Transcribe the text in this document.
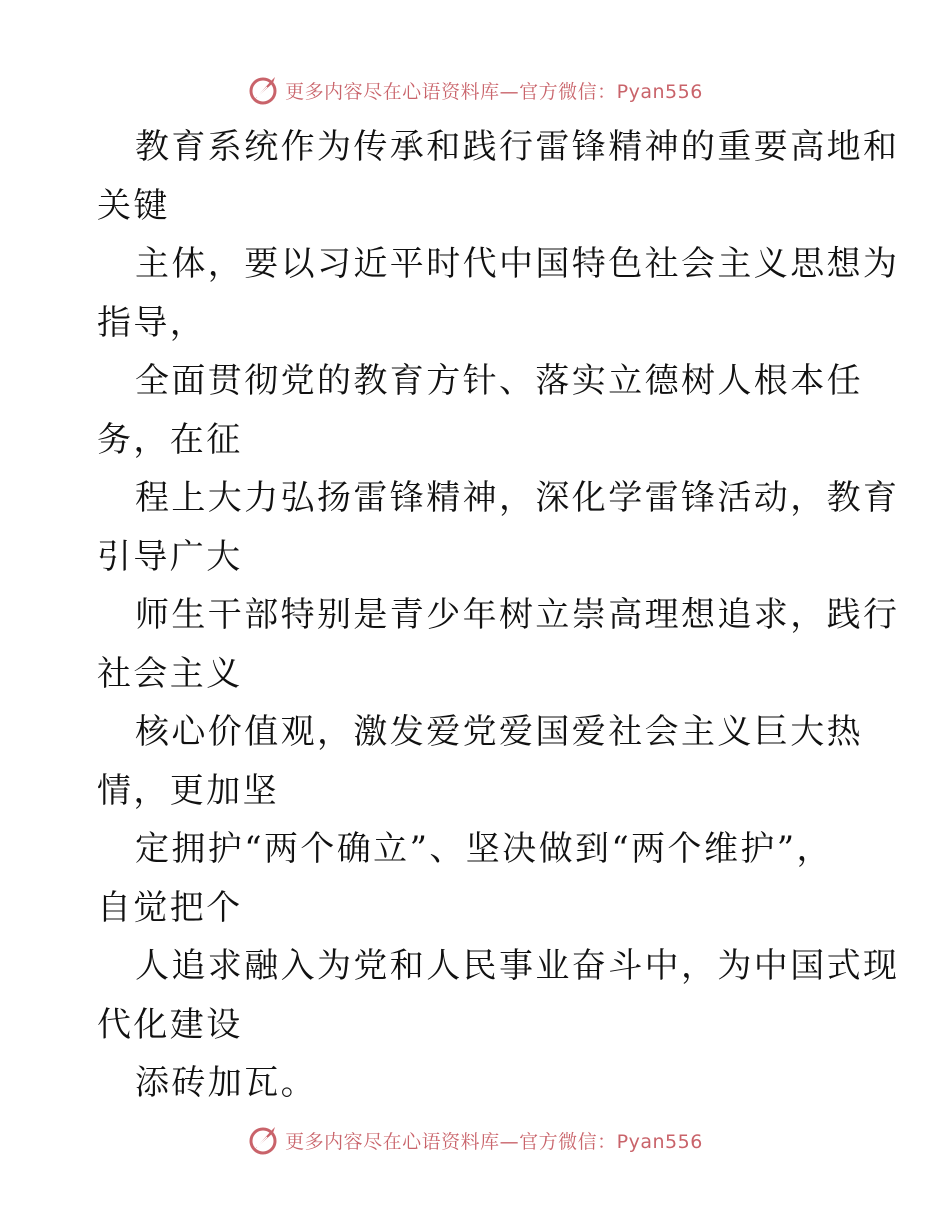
更多内容尽在心语资料库—官方微信：Pyan556
教育系统作为传承和践行雷锋精神的重要高地和
关键
主体，要以习近平时代中国特色社会主义思想为
指导，
全面贯彻党的教育方针、落实立德树人根本任
务，在征
程上大力弘扬雷锋精神，深化学雷锋活动，教育
引导广大
师生干部特别是青少年树立崇高理想追求，践行
社会主义
核心价值观，激发爱党爱国爱社会主义巨大热
情，更加坚
定拥护“两个确立”、坚决做到“两个维护”，
自觉把个
人追求融入为党和人民事业奋斗中，为中国式现
代化建设
添砖加瓦。
更多内容尽在心语资料库—官方微信：Pyan556
